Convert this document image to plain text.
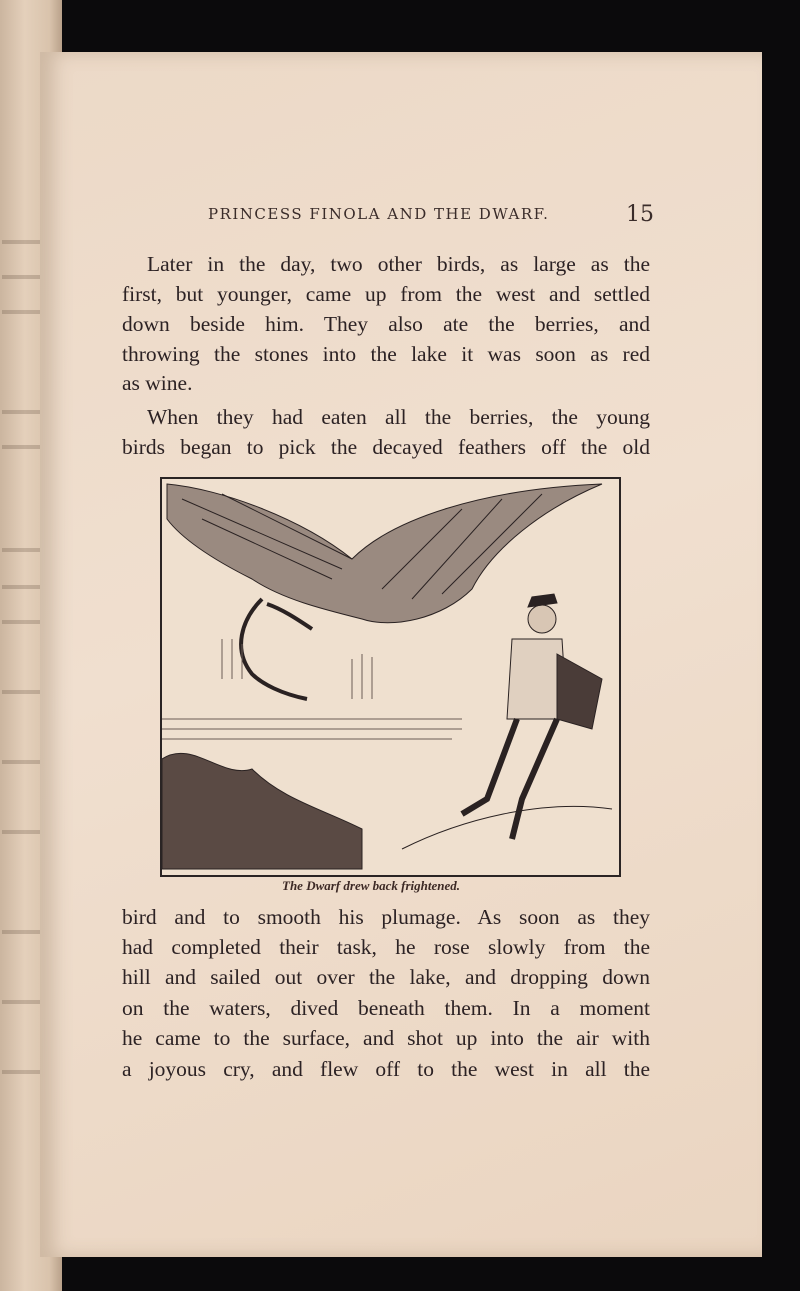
PRINCESS FINOLA AND THE DWARF.	15
Later in the day, two other birds, as large as the
first, but younger, came up from the west and settled
down beside him. They also ate the berries, and
throwing the stones into the lake it was soon as red
as wine.
When they had eaten all the berries, the young
birds began to pick the decayed feathers off the old
The Dwarf drew back frightened.
bird and to smooth his plumage. As soon as they
had completed their task, he rose slowly from the
hill and sailed out over the lake, and dropping down
on the waters, dived beneath them. In a moment
he came to the surface, and shot up into the air with
a joyous cry, and flew off to the west in all the
